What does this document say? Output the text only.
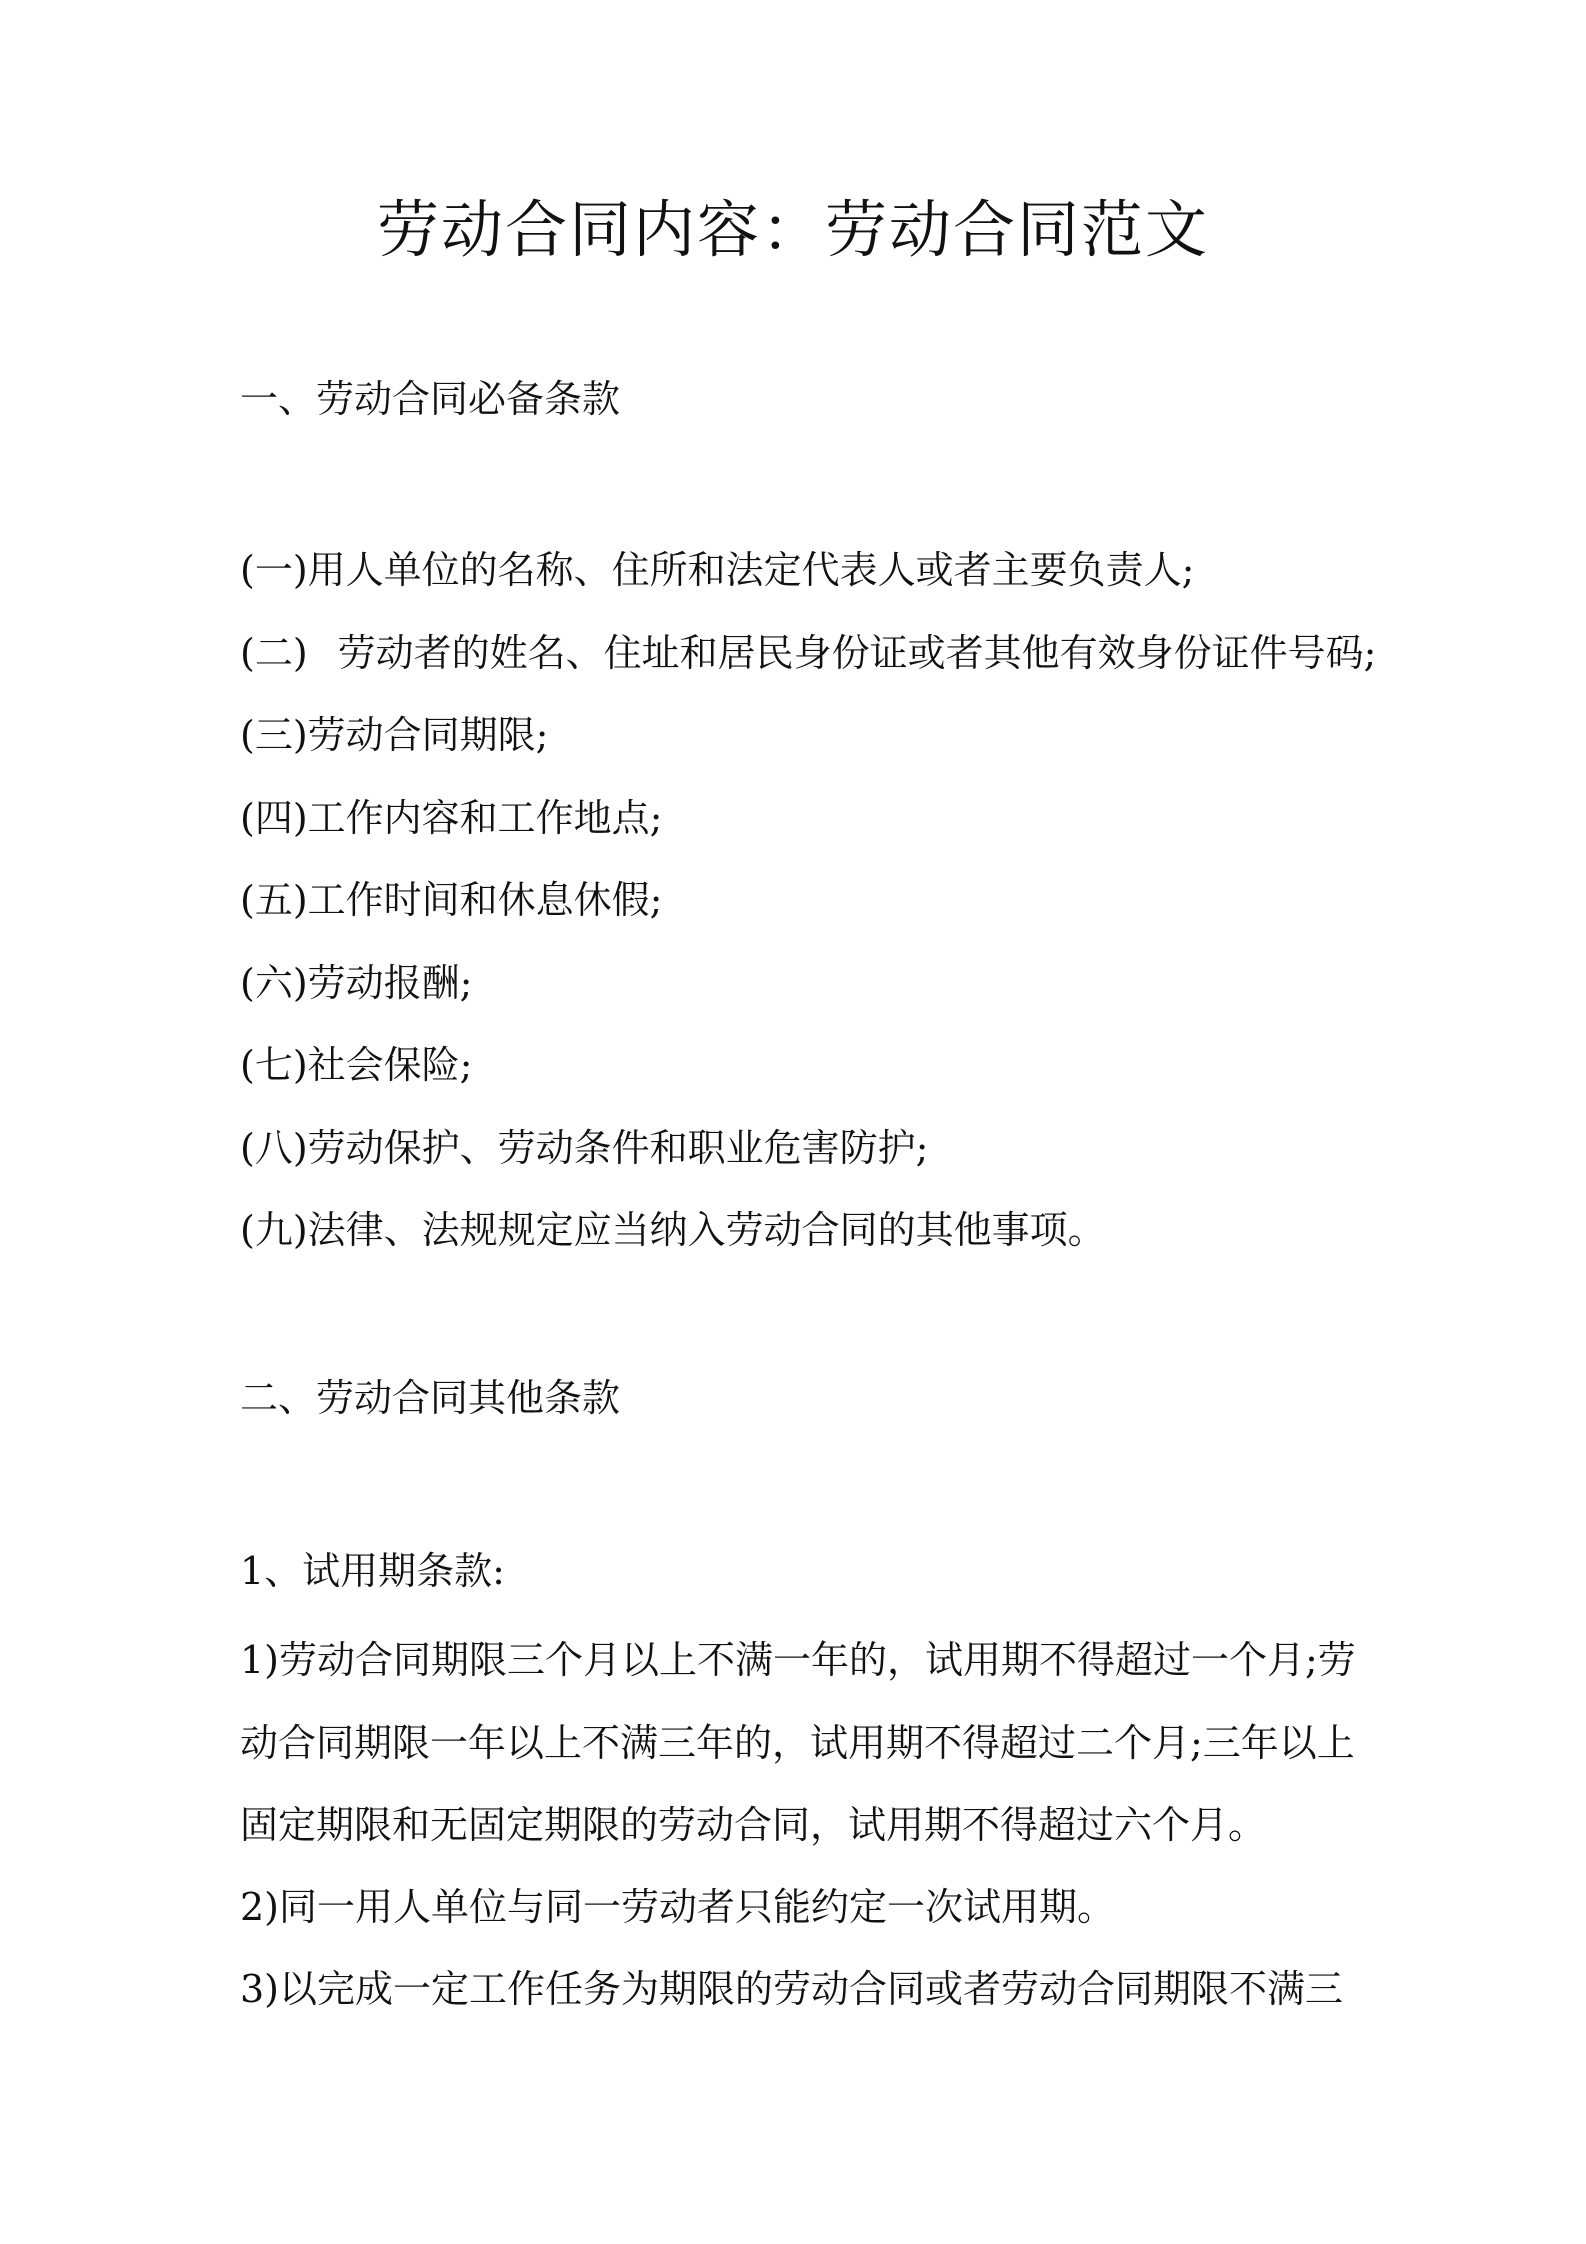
劳动合同内容：劳动合同范文
一、劳动合同必备条款
(一)用人单位的名称、住所和法定代表人或者主要负责人;
(二) 劳动者的姓名、住址和居民身份证或者其他有效身份证件号码;
(三)劳动合同期限;
(四)工作内容和工作地点;
(五)工作时间和休息休假;
(六)劳动报酬;
(七)社会保险;
(八)劳动保护、劳动条件和职业危害防护;
(九)法律、法规规定应当纳入劳动合同的其他事项。
二、劳动合同其他条款
1、试用期条款:

1)劳动合同期限三个月以上不满一年的，试用期不得超过一个月;劳
动合同期限一年以上不满三年的，试用期不得超过二个月;三年以上
固定期限和无固定期限的劳动合同，试用期不得超过六个月。

2)同一用人单位与同一劳动者只能约定一次试用期。

3)以完成一定工作任务为期限的劳动合同或者劳动合同期限不满三
